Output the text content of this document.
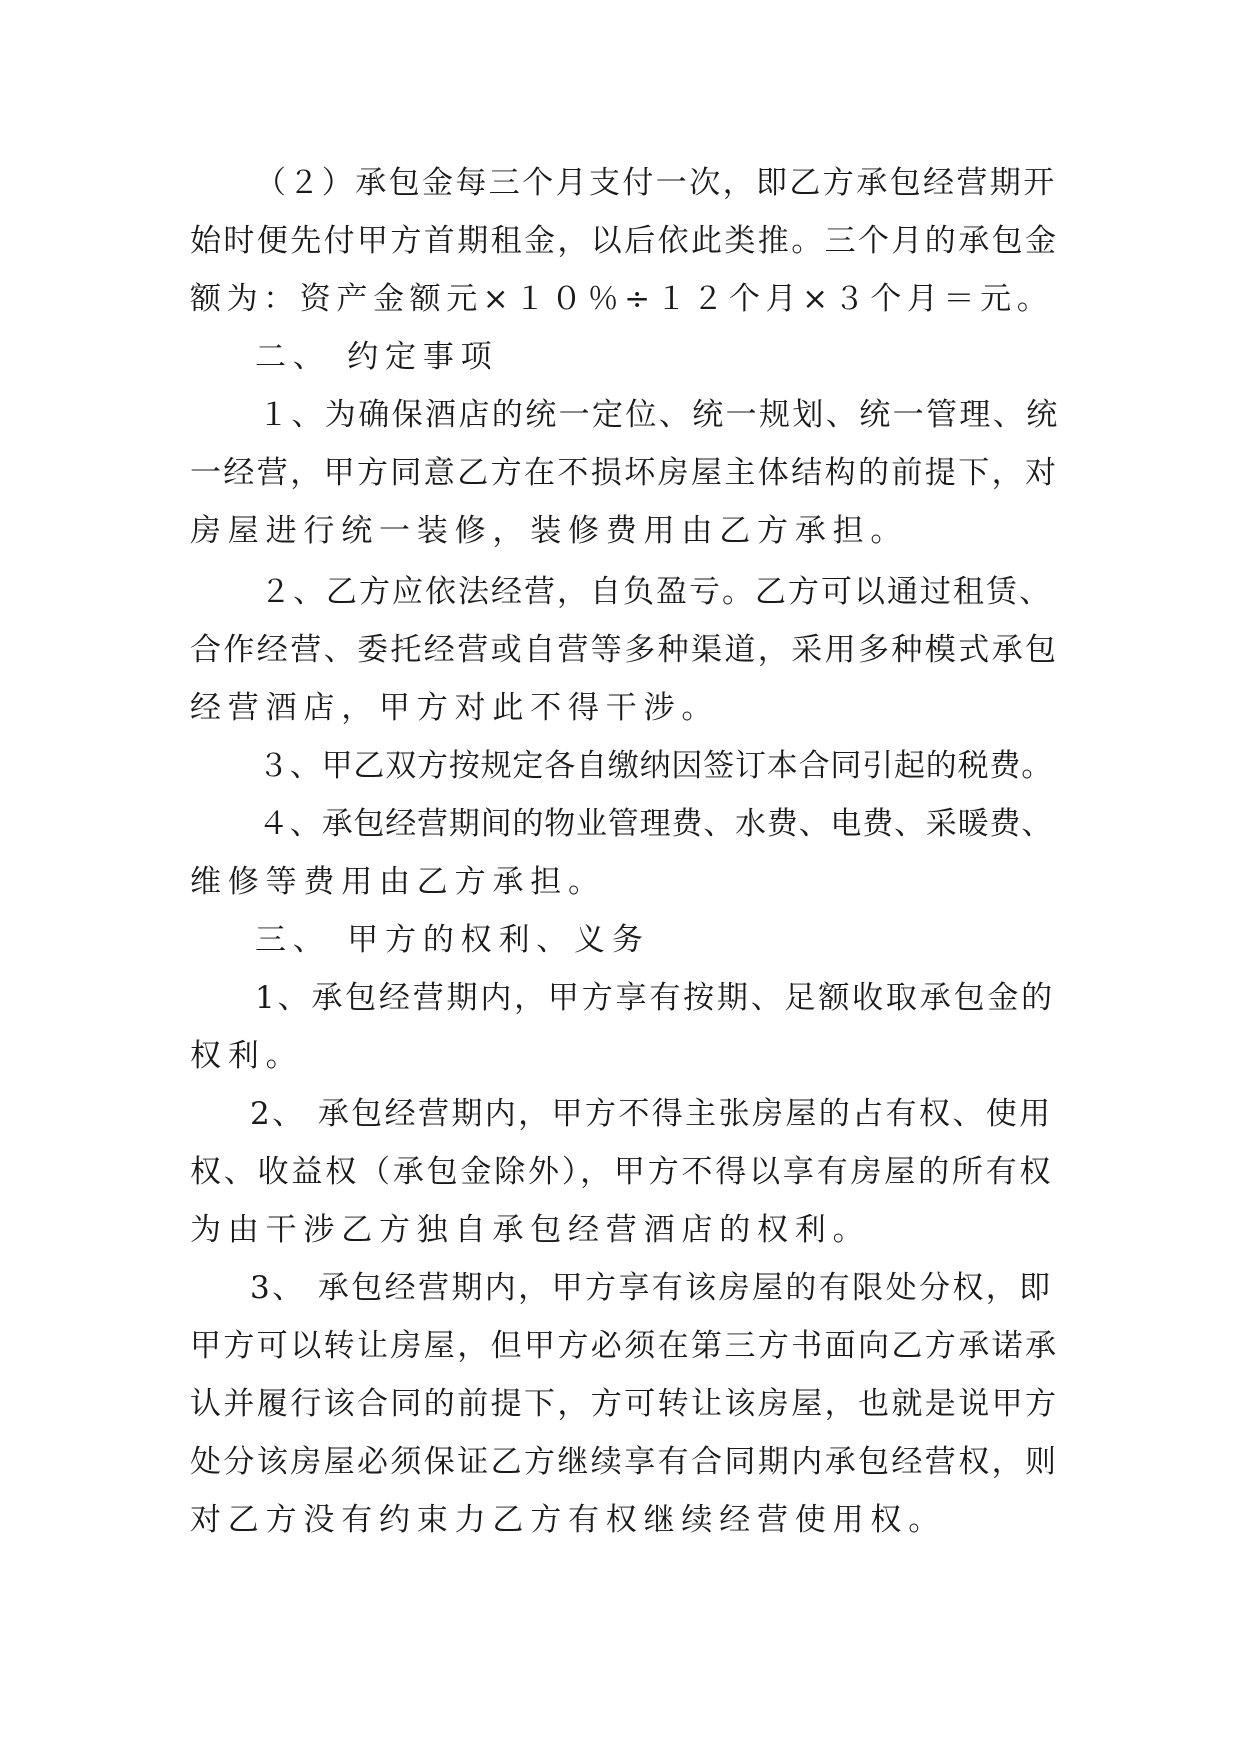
（２）承包金每三个月支付一次，即乙方承包经营期开
始时便先付甲方首期租金，以后依此类推。三个月的承包金
额为：资产金额元×１０％÷１２个月×３个月＝元。
二、 约定事项
１、为确保酒店的统一定位、统一规划、统一管理、统
一经营，甲方同意乙方在不损坏房屋主体结构的前提下，对
房屋进行统一装修，装修费用由乙方承担。
２、乙方应依法经营，自负盈亏。乙方可以通过租赁、
合作经营、委托经营或自营等多种渠道，采用多种模式承包
经营酒店，甲方对此不得干涉。
３、甲乙双方按规定各自缴纳因签订本合同引起的税费。
４、承包经营期间的物业管理费、水费、电费、采暖费、
维修等费用由乙方承担。
三、 甲方的权利、义务
1、承包经营期内，甲方享有按期、足额收取承包金的
权利。
2、 承包经营期内，甲方不得主张房屋的占有权、使用
权、收益权（承包金除外），甲方不得以享有房屋的所有权
为由干涉乙方独自承包经营酒店的权利。
3、 承包经营期内，甲方享有该房屋的有限处分权，即
甲方可以转让房屋，但甲方必须在第三方书面向乙方承诺承
认并履行该合同的前提下，方可转让该房屋，也就是说甲方
处分该房屋必须保证乙方继续享有合同期内承包经营权，则
对乙方没有约束力乙方有权继续经营使用权。
